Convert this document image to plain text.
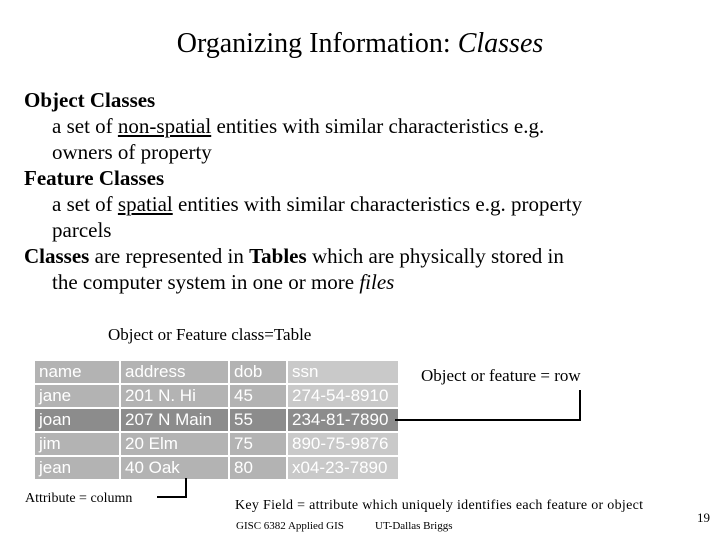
Organizing Information: Classes
Object Classes
a set of non-spatial entities with similar characteristics e.g.
owners of property
Feature Classes
a set of spatial entities with similar characteristics e.g. property
parcels
Classes are represented in Tables which are physically stored in
the computer system in one or more files
Object or Feature class=Table
name	address	dob	ssn
jane	201 N. Hi	45	274-54-8910
joan	207 N Main	55	234-81-7890
jim	20 Elm	75	890-75-9876
jean	40 Oak	80	x04-23-7890
Object or feature = row
Attribute = column	Key Field = attribute which uniquely identifies each feature or object
GISC 6382 Applied GIS	UT-Dallas Briggs
19
